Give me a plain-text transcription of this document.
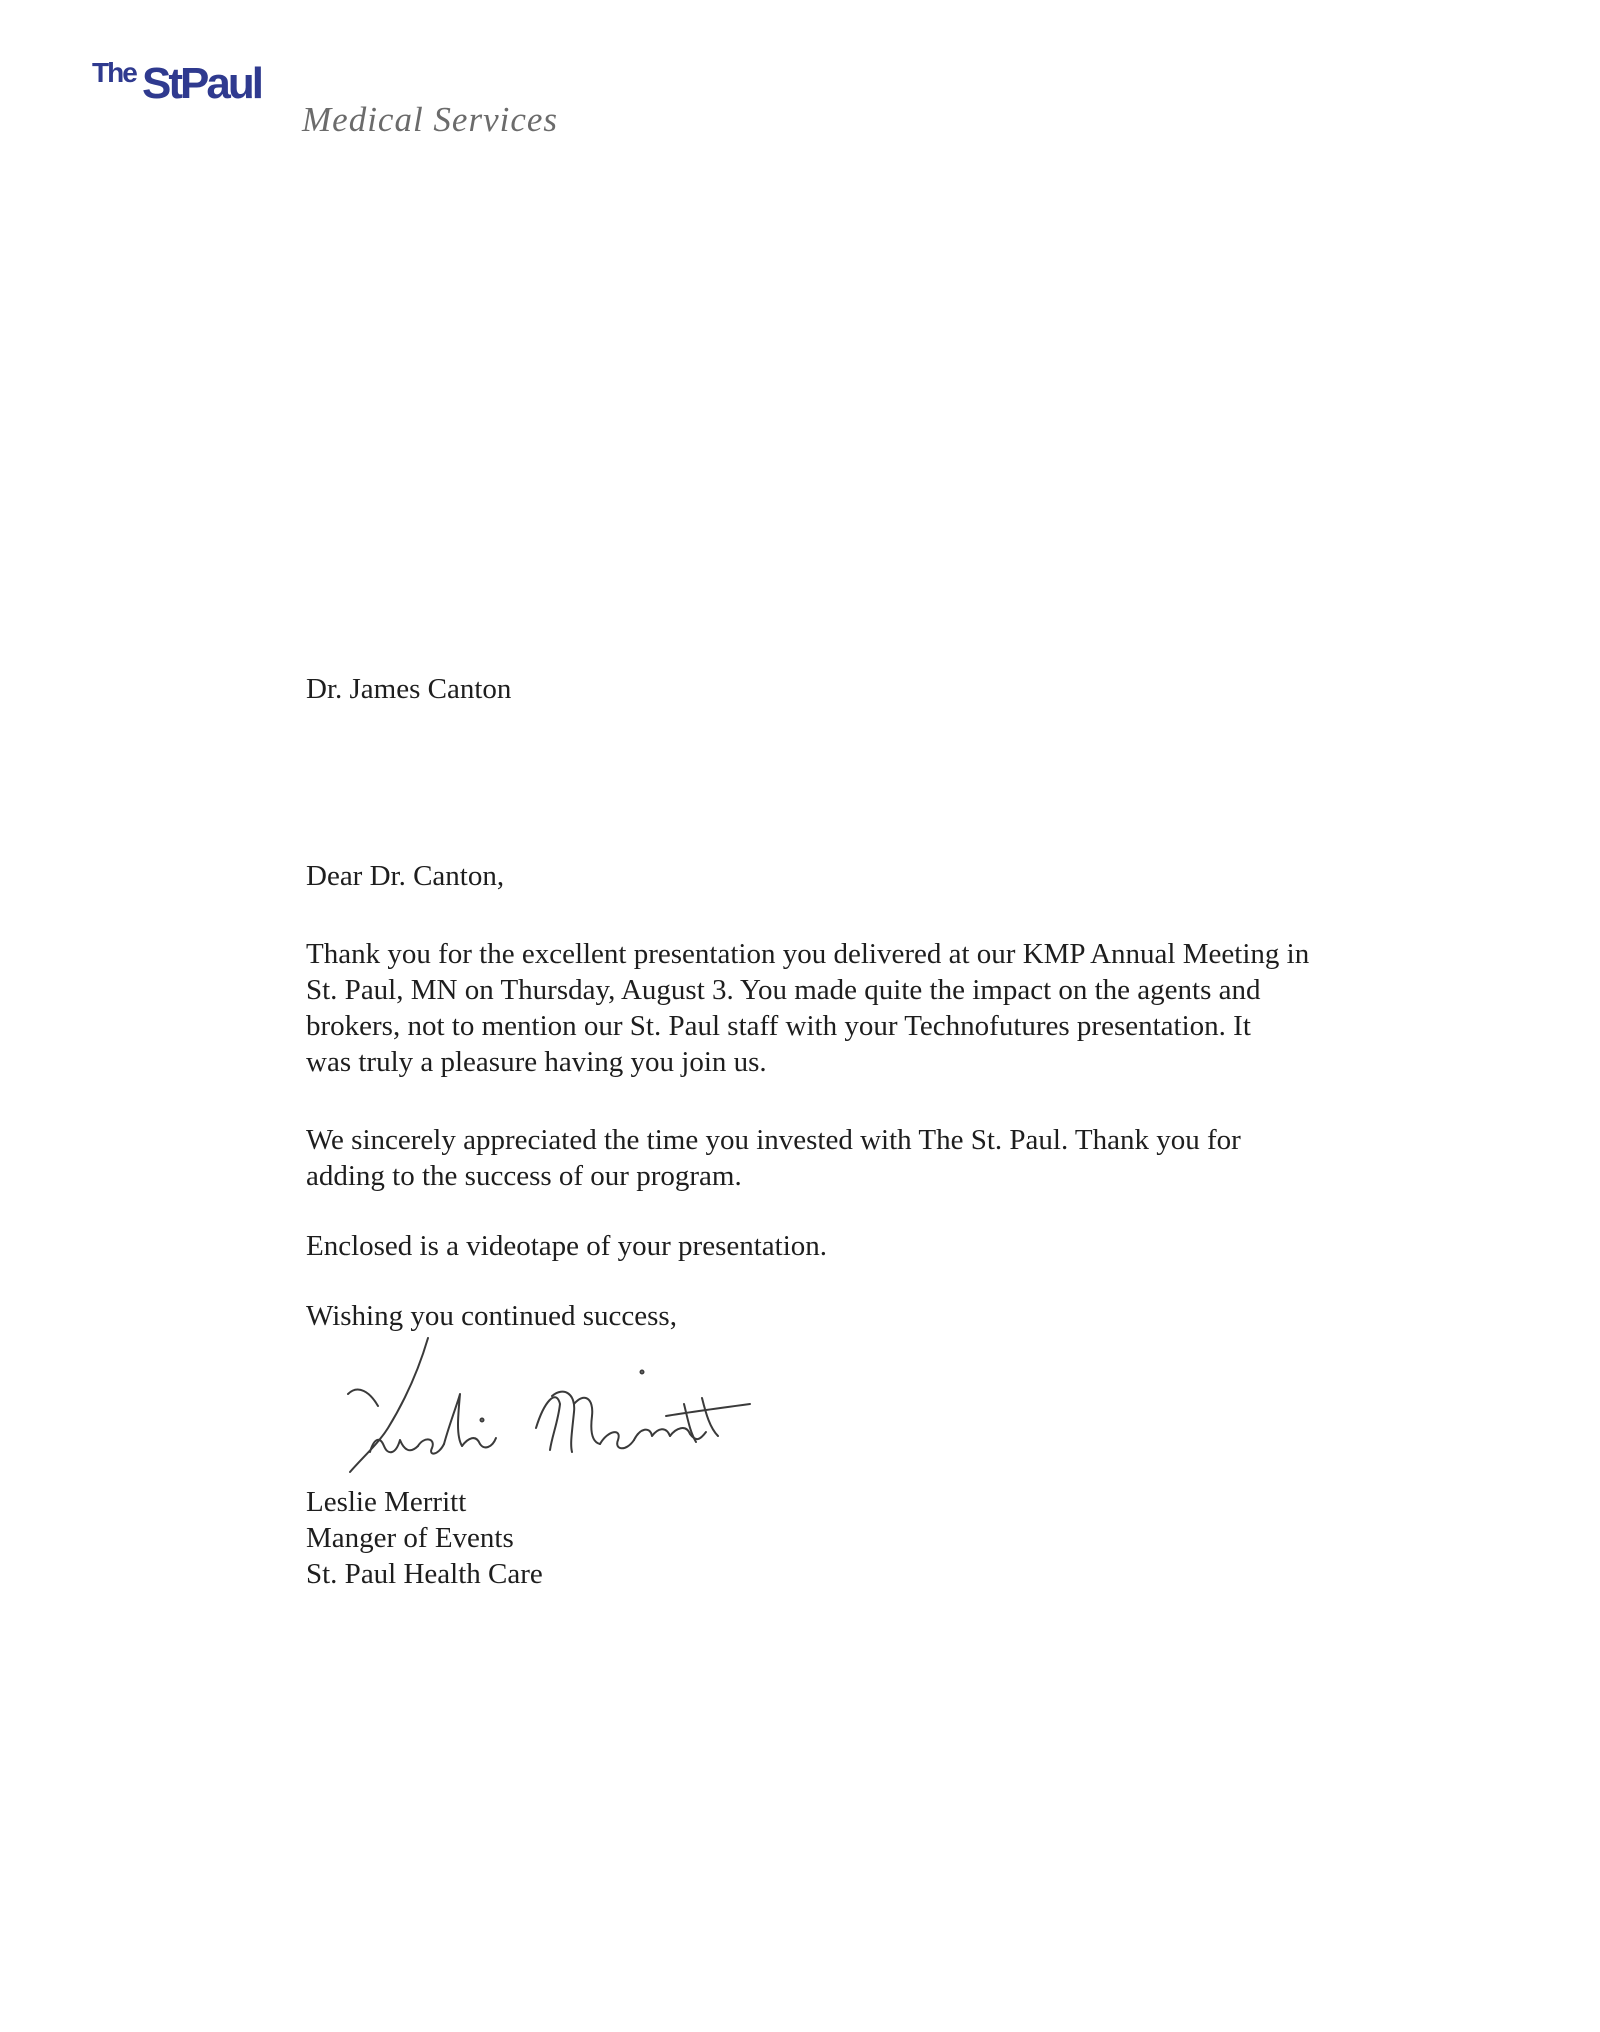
The StPaul
Medical Services
Dr. James Canton
Dear Dr. Canton,
Thank you for the excellent presentation you delivered at our KMP Annual Meeting in
St. Paul, MN on Thursday, August 3. You made quite the impact on the agents and
brokers, not to mention our St. Paul staff with your Technofutures presentation. It
was truly a pleasure having you join us.
We sincerely appreciated the time you invested with The St. Paul. Thank you for
adding to the success of our program.
Enclosed is a videotape of your presentation.
Wishing you continued success,
Leslie Merritt
Manger of Events
St. Paul Health Care
